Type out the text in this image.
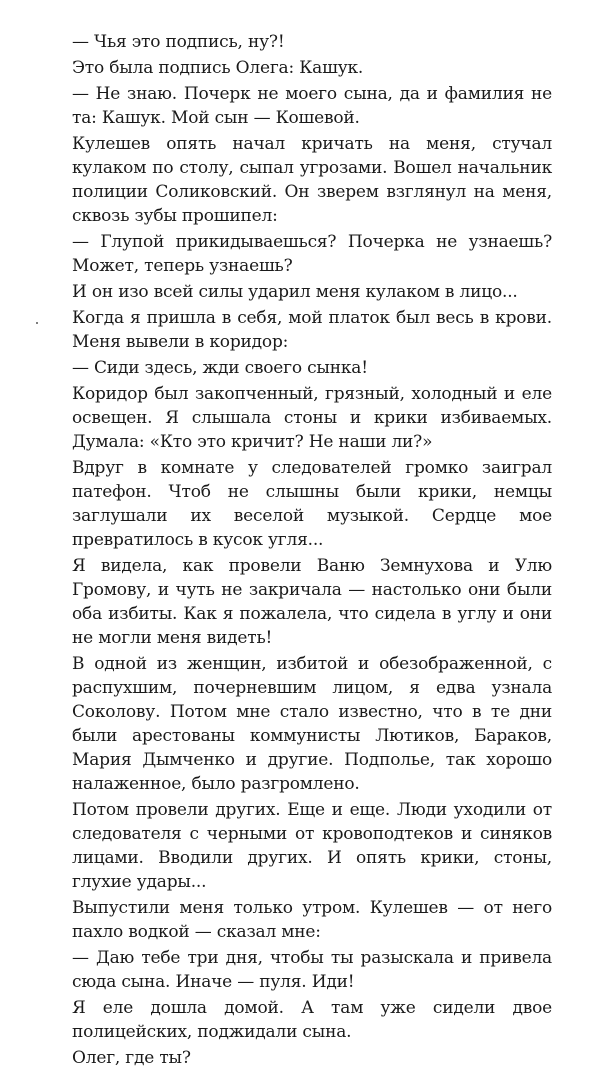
— Чья это подпись, ну?!

Это была подпись Олега: Кашук.

— Не знаю. Почерк не моего сына, да и фамилия не та: Кашук. Мой сын — Кошевой.

Кулешев опять начал кричать на меня, стучал кулаком по столу, сыпал угрозами. Вошел начальник полиции Соликовский. Он зверем взглянул на меня, сквозь зубы прошипел:

— Глупой прикидываешься? Почерка не узнаешь? Может, теперь узнаешь?

И он изо всей силы ударил меня кулаком в лицо...

Когда я пришла в себя, мой платок был весь в крови. Меня вывели в коридор:

— Сиди здесь, жди своего сынка!

Коридор был закопченный, грязный, холодный и еле освещен. Я слышала стоны и крики избиваемых. Думала: «Кто это кричит? Не наши ли?»

Вдруг в комнате у следователей громко заиграл патефон. Чтоб не слышны были крики, немцы заглушали их веселой музыкой. Сердце мое превратилось в кусок угля...

Я видела, как провели Ваню Земнухова и Улю Громову, и чуть не закричала — настолько они были оба избиты. Как я пожалела, что сидела в углу и они не могли меня видеть!

В одной из женщин, избитой и обезображенной, с распухшим, почерневшим лицом, я едва узнала Соколову. Потом мне стало известно, что в те дни были арестованы коммунисты Лютиков, Бараков, Мария Дымченко и другие. Подполье, так хорошо налаженное, было разгромлено.

Потом провели других. Еще и еще. Люди уходили от следователя с черными от кровоподтеков и синяков лицами. Вводили других. И опять крики, стоны, глухие удары...

Выпустили меня только утром. Кулешев — от него пахло водкой — сказал мне:

— Даю тебе три дня, чтобы ты разыскала и привела сюда сына. Иначе — пуля. Иди!

Я еле дошла домой. А там уже сидели двое полицейских, поджидали сына.

Олег, где ты?
